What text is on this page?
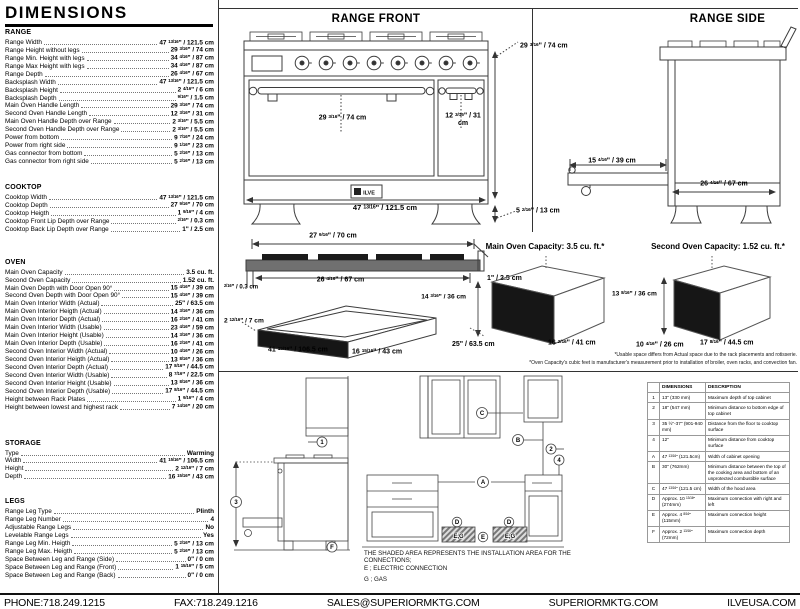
DIMENSIONS
RANGE
Range Width	47 $^{13/16}$" / 121.5 cm
Range Height without legs	29 $^{3/16}$" / 74 cm
Range Min. Height with legs	34 $^{4/16}$" / 87 cm
Range Max Height with legs	34 $^{4/16}$" / 87 cm
Range Depth	26 $^{4/16}$" / 67 cm
Backsplash Width	47 $^{13/16}$" / 121.5 cm
Backsplash Height	2 $^{4/16}$" / 6 cm
Backsplash Depth	$^{9/16}$" / 1.5 cm
Main Oven Handle Length	29 $^{3/16}$" / 74 cm
Second Oven Handle Length	12 $^{3/16}$" / 31 cm
Main Oven Handle Depth over Range	2 $^{3/16}$" / 5.5 cm
Second Oven Handle Depth over Range	2 $^{3/16}$" / 5.5 cm
Power from bottom	9 $^{7/16}$" / 24 cm
Power from right side	9 $^{1/16}$" / 23 cm
Gas connector from bottom	5 $^{2/16}$" / 13 cm
Gas connector from right side	5 $^{2/16}$" / 13 cm
COOKTOP
Cooktop Width	47 $^{13/16}$" / 121.5 cm
Cooktop Depth	27 $^{9/16}$" / 70 cm
Cooktop Heigth	1 $^{9/16}$" / 4 cm
Cooktop Front Lip Depth over Range	$^{2/16}$" / 0.3 cm
Cooktop Back Lip Depth over Range	1" / 2.5 cm
OVEN
Main Oven Capacity	3.5 cu. ft.
Second Oven Capacity	1.52 cu. ft.
Main Oven Depth with Door Open 90°	15 $^{4/16}$" / 39 cm
Second Oven Depth with Door Open 90°	15 $^{4/16}$" / 39 cm
Main Oven Interior Width (Actual)	25" / 63.5 cm
Main Oven Interior Heigth (Actual)	14 $^{3/16}$" / 36 cm
Main Oven Interior Depth (Actual)	16 $^{2/16}$" / 41 cm
Main Oven Interior Width (Usable)	23 $^{4/16}$" / 59 cm
Main Oven Interior Height (Usable)	14 $^{3/16}$" / 36 cm
Main Oven Interior Depth (Usable)	16 $^{2/16}$" / 41 cm
Second Oven Interior Width (Actual)	10 $^{4/16}$" / 26 cm
Second Oven Interior Heigth (Actual)	13 $^{8/16}$" / 36 cm
Second Oven Interior Depth (Actual)	17 $^{8/16}$" / 44.5 cm
Second Oven Interior Width (Usable)	8 $^{7/16}$" / 22.5 cm
Second Oven Interior Height (Usable)	13 $^{8/16}$" / 36 cm
Second Oven Interior Depth (Usable)	17 $^{8/16}$" / 44.5 cm
Height between Rack Plates	1 $^{9/16}$" / 4 cm
Height between lowest and highest rack	7 $^{14/16}$" / 20 cm
STORAGE
Type	Warming
Width	41 $^{15/16}$" / 106.5 cm
Height	2 $^{12/16}$" / 7 cm
Depth	16 $^{15/16}$" / 43 cm
LEGS
Range Leg Type	Plinth
Range Leg Number	4
Adjustable Range Legs	No
Levelable Range Legs	Yes
Range Leg Min. Heigth	5 $^{2/16}$" / 13 cm
Range Leg Max. Heigth	5 $^{2/16}$" / 13 cm
Space Between Leg and Range (Side)	0" / 0 cm
Space Between Leg and Range (Front)	1 $^{15/16}$" / 5 cm
Space Between Leg and Range (Back)	0" / 0 cm
RANGE FRONT	RANGE SIDE
ILVE
29 $^{3/16}$" / 74 cm	12 $^{3/16}$" / 31 cm
47 $^{13/16}$" / 121.5 cm
29 $^{3/16}$" / 74 cm
5 $^{2/16}$" / 13 cm
15 $^{4/16}$" / 39 cm
26 $^{4/16}$" / 67 cm
27 $^{9/16}$" / 70 cm
26 $^{4/16}$" / 67 cm
$^{2/16}$" / 0.3 cm
1" / 2.5 cm
2 $^{12/16}$" / 7 cm
41 $^{15/16}$" / 106.5 cm	16 $^{15/16}$" / 43 cm
Main Oven Capacity: 3.5 cu. ft.*
14 $^{3/16}$" / 36 cm
25" / 63.5 cm	16 $^{2/16}$" / 41 cm
Second Oven Capacity: 1.52 cu. ft.*
13 $^{8/16}$" / 36 cm
10 $^{4/16}$" / 26 cm 17 $^{8/16}$" / 44.5 cm
*Usable space differs from Actual space due to the rack placements and rotisserie.
*Oven Capacity's cubic feet is manufacturer's measurement prior to installation of broiler, oven racks, and convection fan.
1
3
F
E,G	E,G
C
B
2
4
A
D	D
E
THE SHADED AREA REPRESENTS THE INSTALLATION AREA FOR THE CONNECTIONS;
E ; ELECTRIC CONNECTION
G ; GAS
	DIMENSIONS	DESCRIPTION
1	13" (330 mm)	Maximum depth of top cabinet
2	18" (547 mm)	Minimum distance to bottom edge of top cabinet
3	35 ½"-37" (901-940 mm)	Distance from the floor to cooktop surface
4	12"	Minimum distance from cooktop surface
A	47 $^{13/16}$" (121.5cm)	Width of cabinet opening
B	30" (762mm)	Minimum distance between the top of the cooking area and bottom of an unprotected combustible surface
C	47 $^{13/16}$" (121.5 cm)	Width of the hood area
D	Approx. 10 $^{13/16}$" (274mm)	Maximum connection with right and left
E	Approx. 4 $^{8/16}$" (115mm)	Maximum connection height
F	Approx. 2 $^{13/16}$" (72mm)	Maximum connection depth
PHONE:718.249.1215	FAX:718.249.1216	SALES@SUPERIORMKTG.COM	SUPERIORMKTG.COM	ILVEUSA.COM
